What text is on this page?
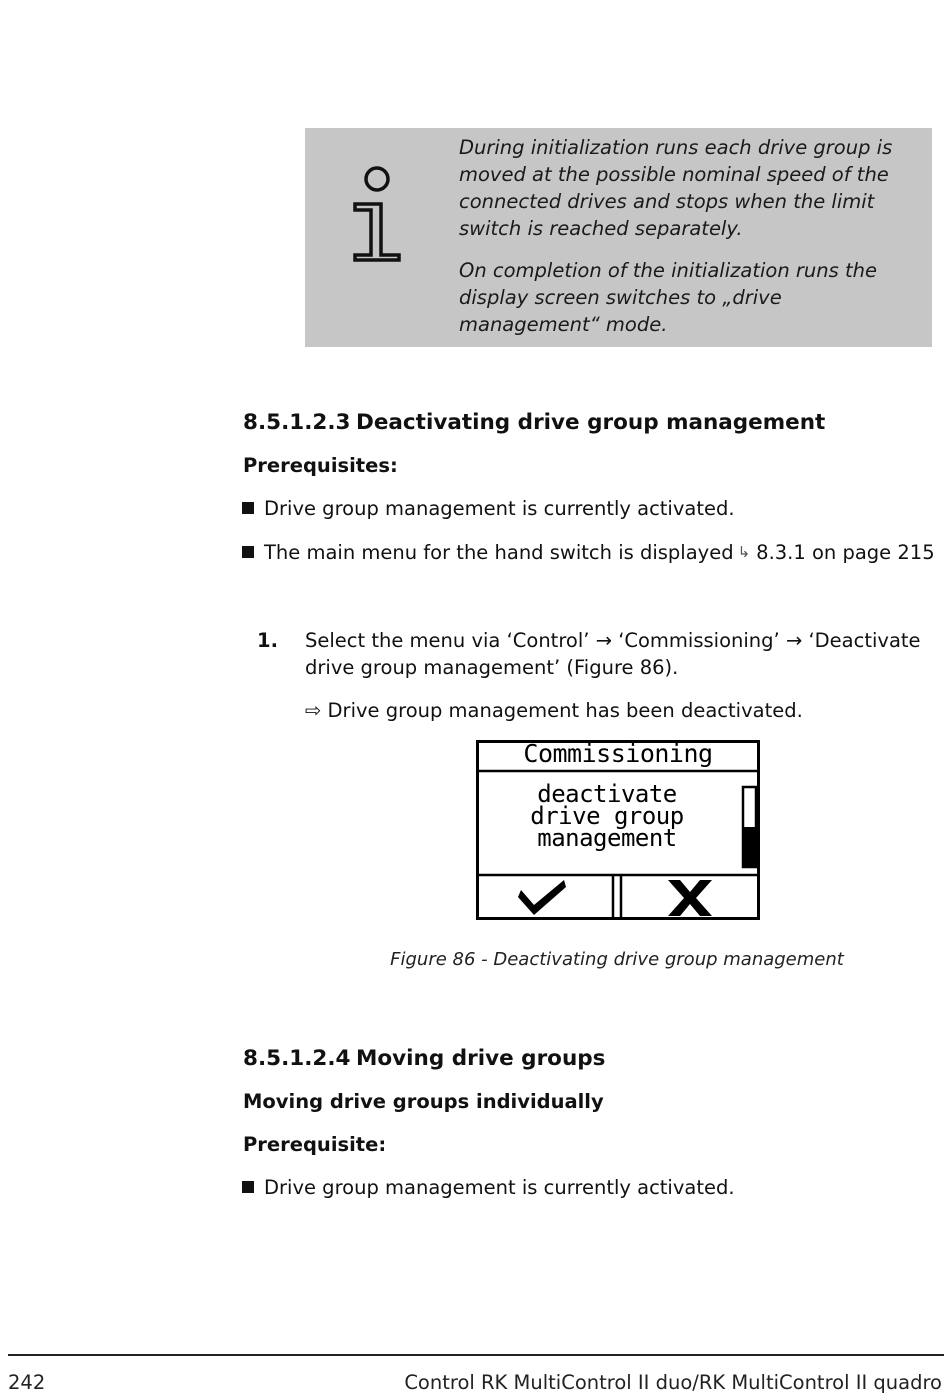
During initialization runs each drive group is moved at the possible nominal speed of the connected drives and stops when the limit switch is reached separately.

On completion of the initialization runs the display screen switches to „drive management“ mode.

8.5.1.2.3 Deactivating drive group management
Prerequisites:
Drive group management is currently activated.
The main menu for the hand switch is displayed ↳ 8.3.1 on page 215
1. Select the menu via ‘Control’ → ‘Commissioning’ → ‘Deactivate drive group management’ (Figure 86).
⇨ Drive group management has been deactivated.
Commissioning
deactivate
drive group
management
Figure 86 - Deactivating drive group management
8.5.1.2.4 Moving drive groups
Moving drive groups individually
Prerequisite:
Drive group management is currently activated.
242	Control RK MultiControl II duo/RK MultiControl II quadro
